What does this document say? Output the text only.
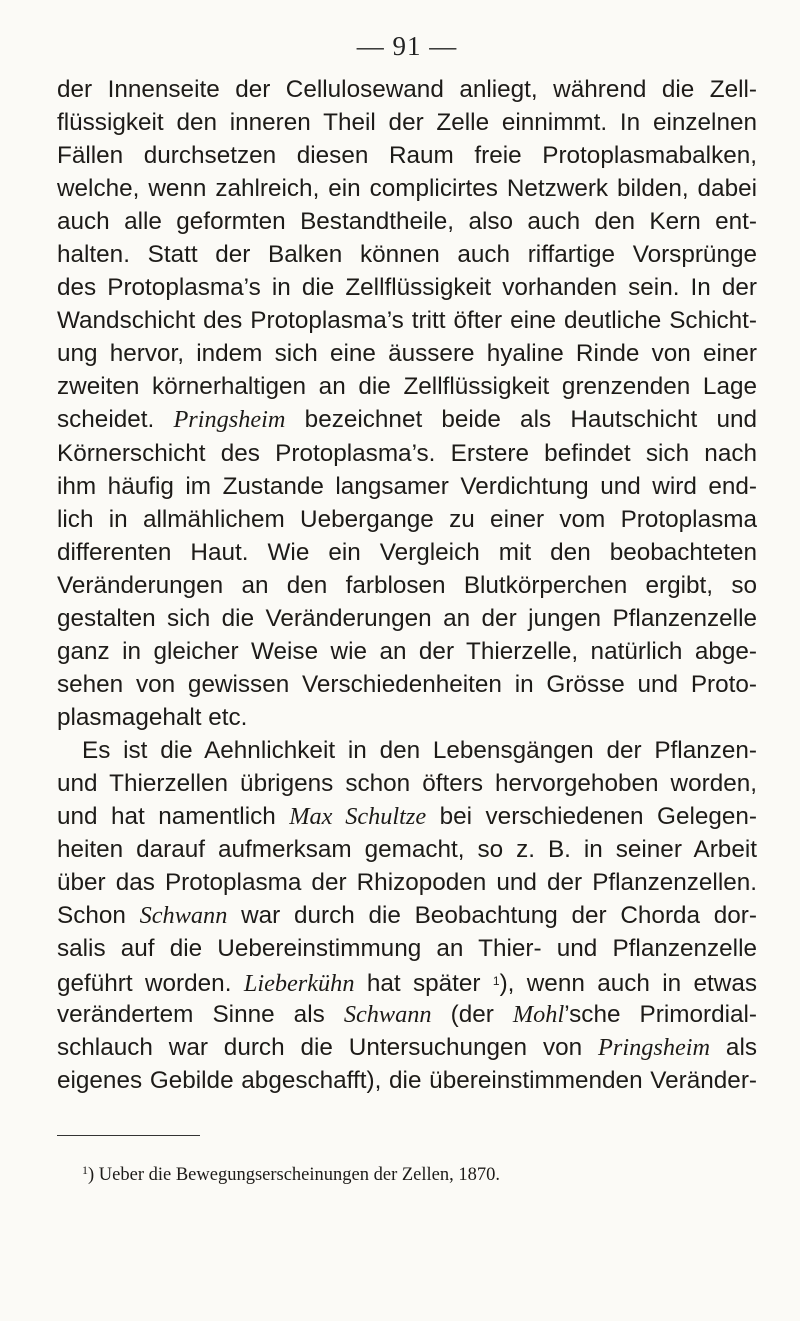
— 91 —
der Innenseite der Cellulosewand anliegt, während die Zell-
flüssigkeit den inneren Theil der Zelle einnimmt. In einzelnen
Fällen durchsetzen diesen Raum freie Protoplasmabalken,
welche, wenn zahlreich, ein complicirtes Netzwerk bilden, dabei
auch alle geformten Bestandtheile, also auch den Kern ent-
halten. Statt der Balken können auch riffartige Vorsprünge
des Protoplasma’s in die Zellflüssigkeit vorhanden sein. In der
Wandschicht des Protoplasma’s tritt öfter eine deutliche Schicht-
ung hervor, indem sich eine äussere hyaline Rinde von einer
zweiten körnerhaltigen an die Zellflüssigkeit grenzenden Lage
scheidet. Pringsheim bezeichnet beide als Hautschicht und
Körnerschicht des Protoplasma’s. Erstere befindet sich nach
ihm häufig im Zustande langsamer Verdichtung und wird end-
lich in allmählichem Uebergange zu einer vom Protoplasma
differenten Haut. Wie ein Vergleich mit den beobachteten
Veränderungen an den farblosen Blutkörperchen ergibt, so
gestalten sich die Veränderungen an der jungen Pflanzenzelle
ganz in gleicher Weise wie an der Thierzelle, natürlich abge-
sehen von gewissen Verschiedenheiten in Grösse und Proto-
plasmagehalt etc.
Es ist die Aehnlichkeit in den Lebensgängen der Pflanzen-
und Thierzellen übrigens schon öfters hervorgehoben worden,
und hat namentlich Max Schultze bei verschiedenen Gelegen-
heiten darauf aufmerksam gemacht, so z. B. in seiner Arbeit
über das Protoplasma der Rhizopoden und der Pflanzenzellen.
Schon Schwann war durch die Beobachtung der Chorda dor-
salis auf die Uebereinstimmung an Thier- und Pflanzenzelle
geführt worden. Lieberkühn hat später $^1$), wenn auch in etwas
verändertem Sinne als Schwann (der Mohl’sche Primordial-
schlauch war durch die Untersuchungen von Pringsheim als
eigenes Gebilde abgeschafft), die übereinstimmenden Veränder-
$^1$) Ueber die Bewegungserscheinungen der Zellen, 1870.
